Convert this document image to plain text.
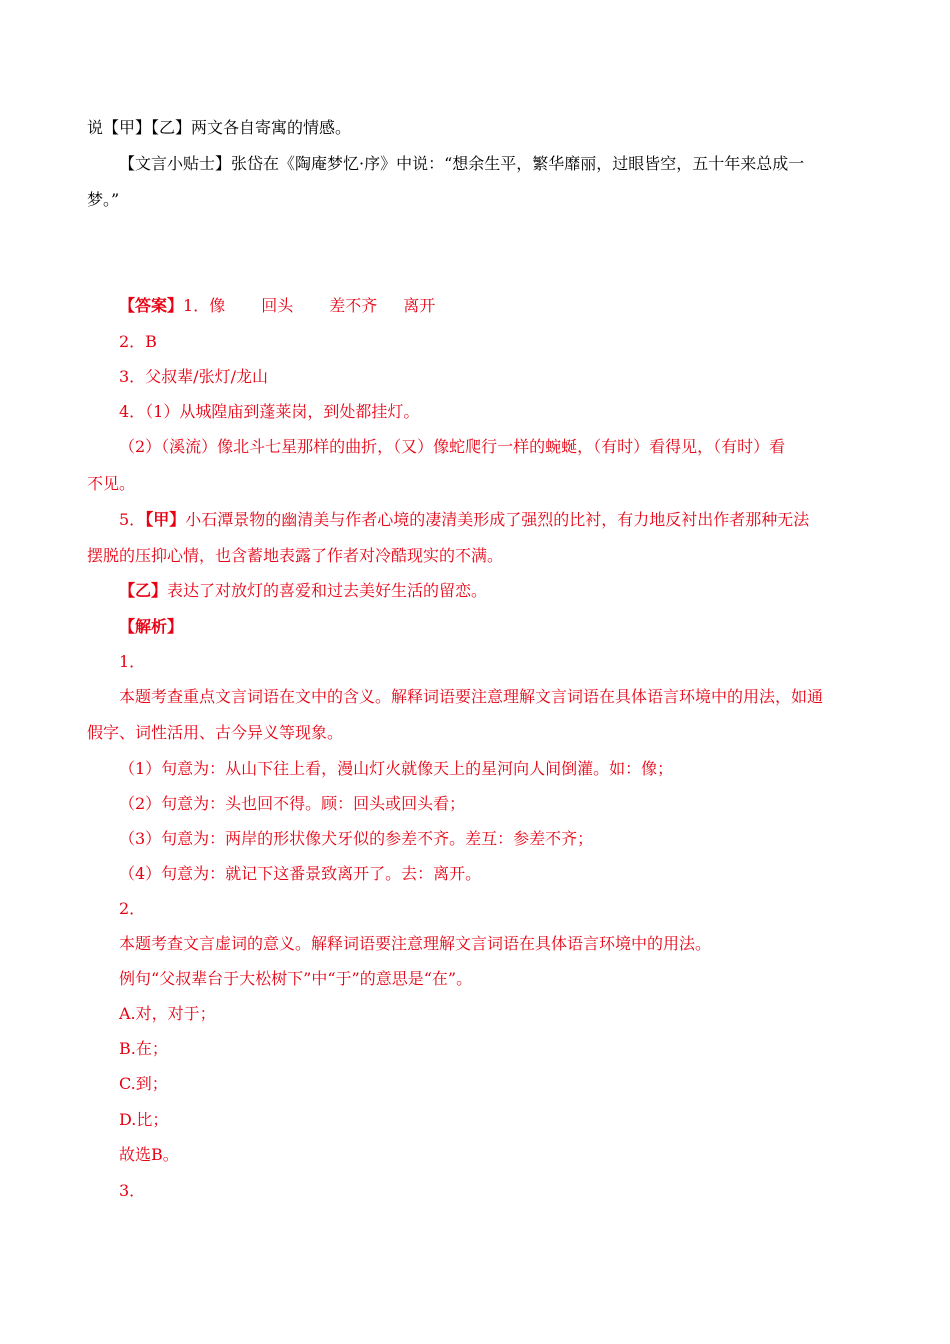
说【甲】【乙】两文各自寄寓的情感。
【文言小贴士】张岱在《陶庵梦忆·序》中说：“想余生平，繁华靡丽，过眼皆空，五十年来总成一
梦。”
【答案】1．像 回头 差不齐 离开
2．B
3．父叔辈/张灯/龙山
4．（1）从城隍庙到蓬莱岗，到处都挂灯。
（2）（溪流）像北斗七星那样的曲折，（又）像蛇爬行一样的蜿蜒，（有时）看得见，（有时）看
不见。
5．【甲】小石潭景物的幽清美与作者心境的凄清美形成了强烈的比衬，有力地反衬出作者那种无法
摆脱的压抑心情，也含蓄地表露了作者对冷酷现实的不满。
【乙】表达了对放灯的喜爱和过去美好生活的留恋。
【解析】
1．
本题考查重点文言词语在文中的含义。解释词语要注意理解文言词语在具体语言环境中的用法，如通
假字、词性活用、古今异义等现象。
（1）句意为：从山下往上看，漫山灯火就像天上的星河向人间倒灌。如：像；
（2）句意为：头也回不得。顾：回头或回头看；
（3）句意为：两岸的形状像犬牙似的参差不齐。差互：参差不齐；
（4）句意为：就记下这番景致离开了。去：离开。
2．
本题考查文言虚词的意义。解释词语要注意理解文言词语在具体语言环境中的用法。
例句“父叔辈台于大松树下”中“于”的意思是“在”。
A.对，对于；
B.在；
C.到；
D.比；
故选B。
3．
